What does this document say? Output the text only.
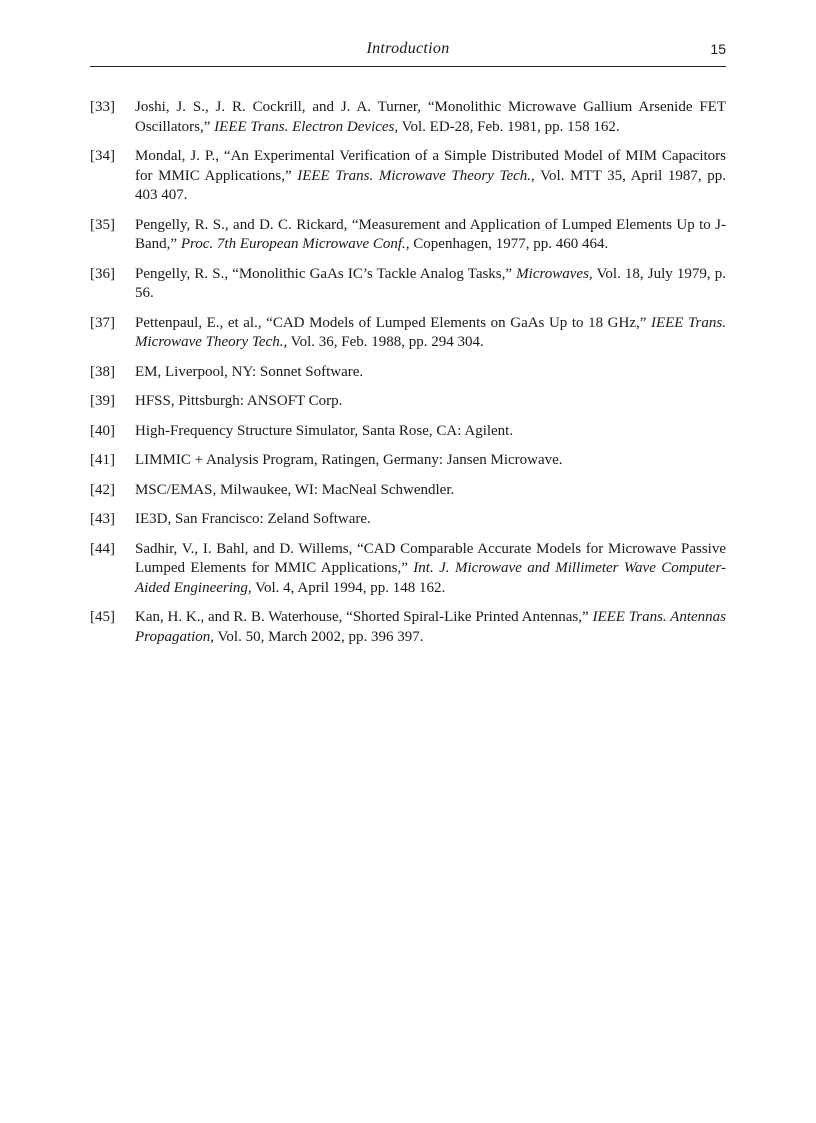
Introduction	15
[33] Joshi, J. S., J. R. Cockrill, and J. A. Turner, “Monolithic Microwave Gallium Arsenide FET Oscillators,” IEEE Trans. Electron Devices, Vol. ED-28, Feb. 1981, pp. 158 162.
[34] Mondal, J. P., “An Experimental Verification of a Simple Distributed Model of MIM Capacitors for MMIC Applications,” IEEE Trans. Microwave Theory Tech., Vol. MTT 35, April 1987, pp. 403 407.
[35] Pengelly, R. S., and D. C. Rickard, “Measurement and Application of Lumped Elements Up to J-Band,” Proc. 7th European Microwave Conf., Copenhagen, 1977, pp. 460 464.
[36] Pengelly, R. S., “Monolithic GaAs IC’s Tackle Analog Tasks,” Microwaves, Vol. 18, July 1979, p. 56.
[37] Pettenpaul, E., et al., “CAD Models of Lumped Elements on GaAs Up to 18 GHz,” IEEE Trans. Microwave Theory Tech., Vol. 36, Feb. 1988, pp. 294 304.
[38] EM, Liverpool, NY: Sonnet Software.
[39] HFSS, Pittsburgh: ANSOFT Corp.
[40] High-Frequency Structure Simulator, Santa Rose, CA: Agilent.
[41] LIMMIC + Analysis Program, Ratingen, Germany: Jansen Microwave.
[42] MSC/EMAS, Milwaukee, WI: MacNeal Schwendler.
[43] IE3D, San Francisco: Zeland Software.
[44] Sadhir, V., I. Bahl, and D. Willems, “CAD Comparable Accurate Models for Microwave Passive Lumped Elements for MMIC Applications,” Int. J. Microwave and Millimeter Wave Computer-Aided Engineering, Vol. 4, April 1994, pp. 148 162.
[45] Kan, H. K., and R. B. Waterhouse, “Shorted Spiral-Like Printed Antennas,” IEEE Trans. Antennas Propagation, Vol. 50, March 2002, pp. 396 397.
